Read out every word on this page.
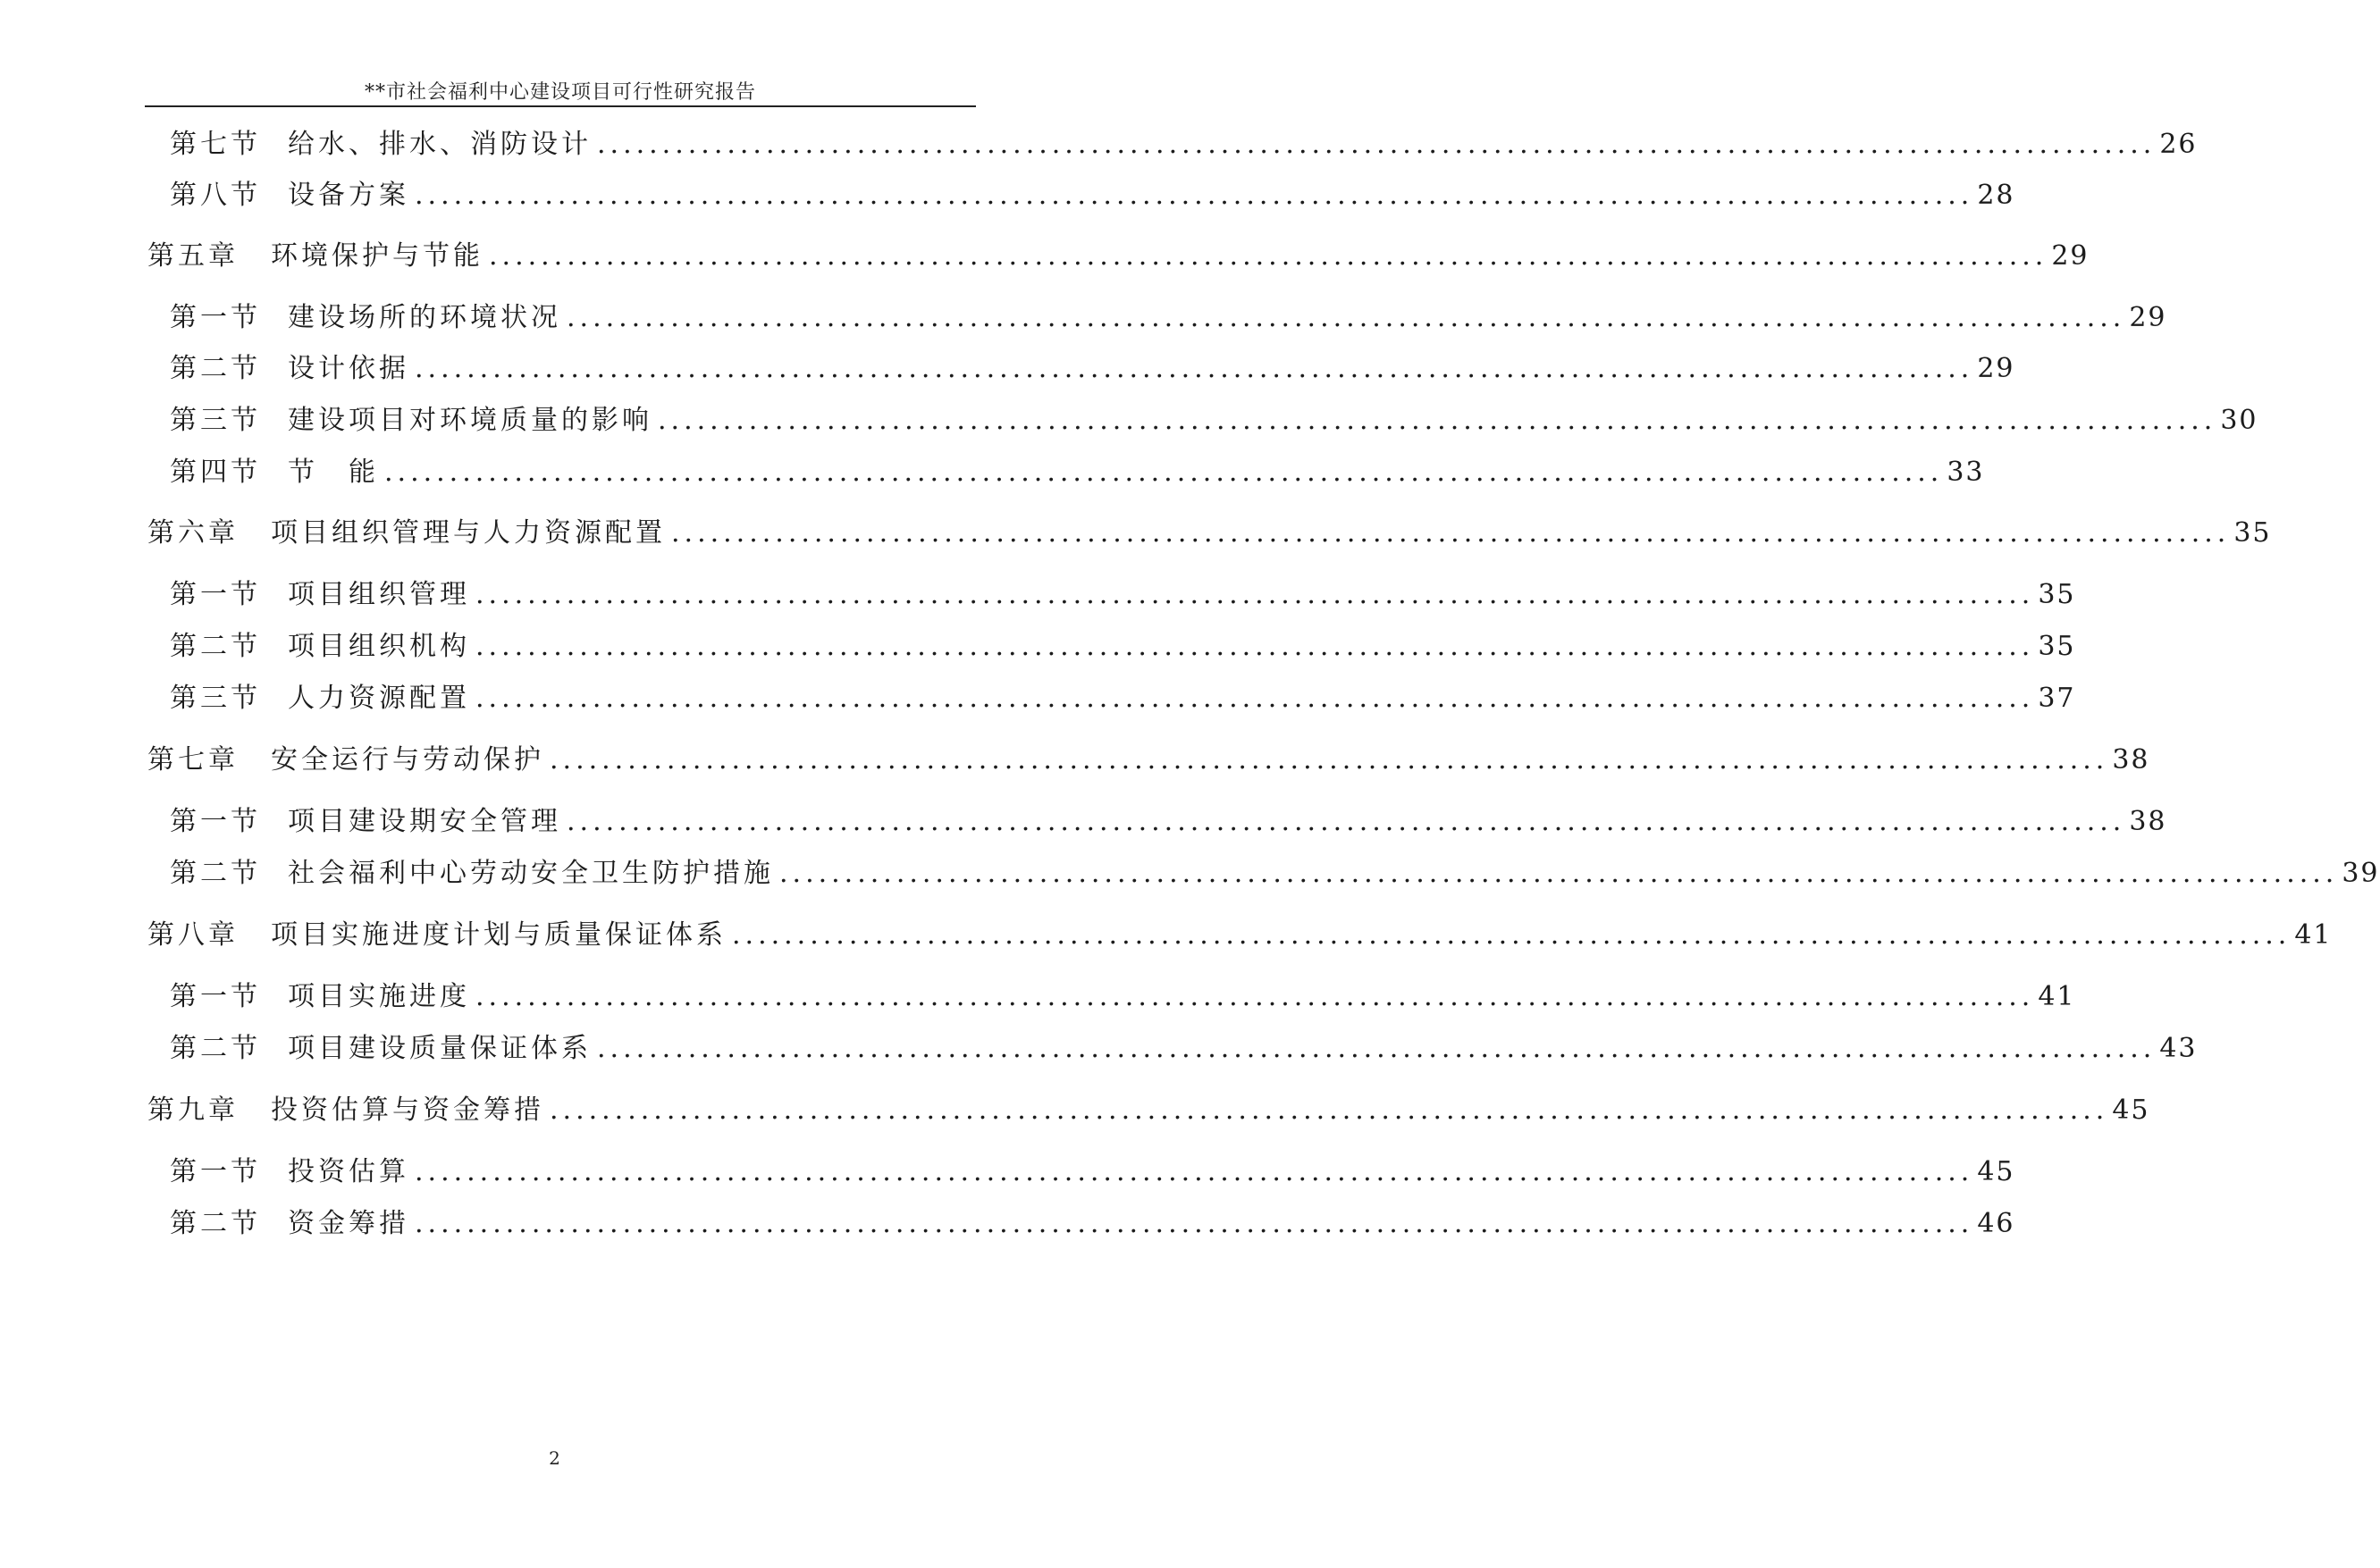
**市社会福利中心建设项目可行性研究报告
第七节 给水、排水、消防设计 ........................................................................................................................ 26
第八节 设备方案 ........................................................................................................................ 28
第五章 环境保护与节能 ........................................................................................................................ 29
第一节 建设场所的环境状况 ........................................................................................................................ 29
第二节 设计依据 ........................................................................................................................ 29
第三节 建设项目对环境质量的影响 ........................................................................................................................ 30
第四节 节　能 ........................................................................................................................ 33
第六章 项目组织管理与人力资源配置 ........................................................................................................................ 35
第一节 项目组织管理 ........................................................................................................................ 35
第二节 项目组织机构 ........................................................................................................................ 35
第三节 人力资源配置 ........................................................................................................................ 37
第七章 安全运行与劳动保护 ........................................................................................................................ 38
第一节 项目建设期安全管理 ........................................................................................................................ 38
第二节 社会福利中心劳动安全卫生防护措施 ........................................................................................................................ 39
第八章 项目实施进度计划与质量保证体系 ........................................................................................................................ 41
第一节 项目实施进度 ........................................................................................................................ 41
第二节 项目建设质量保证体系 ........................................................................................................................ 43
第九章 投资估算与资金筹措 ........................................................................................................................ 45
第一节 投资估算 ........................................................................................................................ 45
第二节 资金筹措 ........................................................................................................................ 46
2
